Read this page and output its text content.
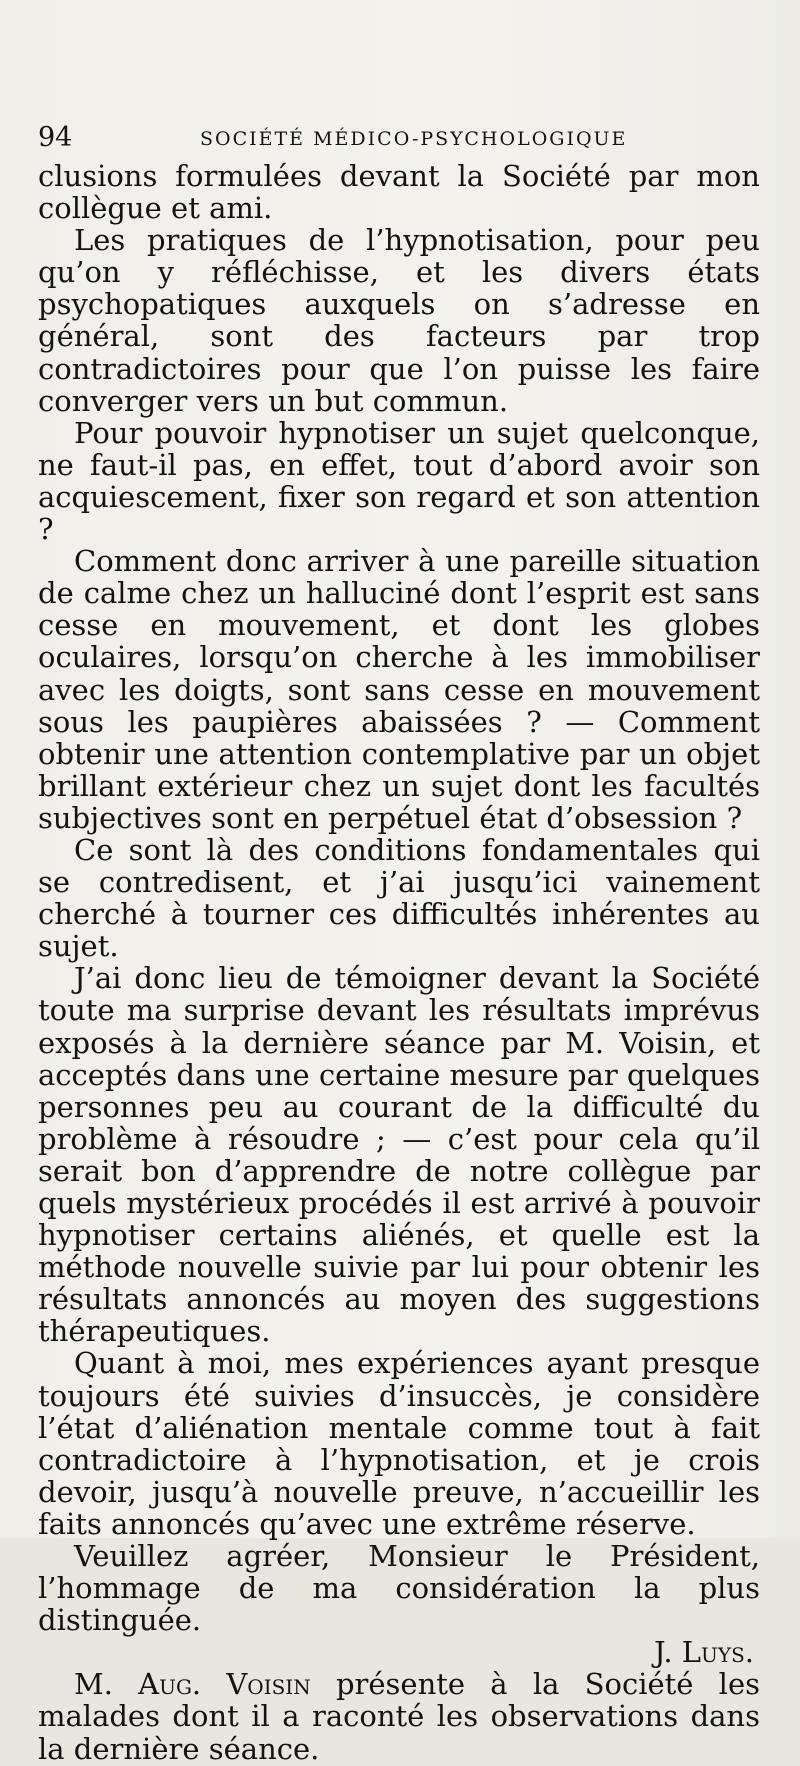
94	SOCIÉTÉ MÉDICO-PSYCHOLOGIQUE

clusions formulées devant la Société par mon collègue et ami.

Les pratiques de l’hypnotisation, pour peu qu’on y réfléchisse, et les divers états psychopatiques auxquels on s’adresse en général, sont des facteurs par trop contradictoires pour que l’on puisse les faire converger vers un but commun.

Pour pouvoir hypnotiser un sujet quelconque, ne faut-il pas, en effet, tout d’abord avoir son acquiescement, fixer son regard et son attention ?

Comment donc arriver à une pareille situation de calme chez un halluciné dont l’esprit est sans cesse en mouvement, et dont les globes oculaires, lorsqu’on cherche à les immobiliser avec les doigts, sont sans cesse en mouvement sous les paupières abaissées ? — Comment obtenir une attention contemplative par un objet brillant extérieur chez un sujet dont les facultés subjectives sont en perpétuel état d’obsession ?

Ce sont là des conditions fondamentales qui se contredisent, et j’ai jusqu’ici vainement cherché à tourner ces difficultés inhérentes au sujet.

J’ai donc lieu de témoigner devant la Société toute ma surprise devant les résultats imprévus exposés à la dernière séance par M. Voisin, et acceptés dans une certaine mesure par quelques personnes peu au courant de la difficulté du problème à résoudre ; — c’est pour cela qu’il serait bon d’apprendre de notre collègue par quels mystérieux procédés il est arrivé à pouvoir hypnotiser certains aliénés, et quelle est la méthode nouvelle suivie par lui pour obtenir les résultats annoncés au moyen des suggestions thérapeutiques.

Quant à moi, mes expériences ayant presque toujours été suivies d’insuccès, je considère l’état d’aliénation mentale comme tout à fait contradictoire à l’hypnotisation, et je crois devoir, jusqu’à nouvelle preuve, n’accueillir les faits annoncés qu’avec une extrême réserve.

Veuillez agréer, Monsieur le Président, l’hommage de ma considération la plus distinguée.

J. Luys.

M. Aug. Voisin présente à la Société les malades dont il a raconté les observations dans la dernière séance.
